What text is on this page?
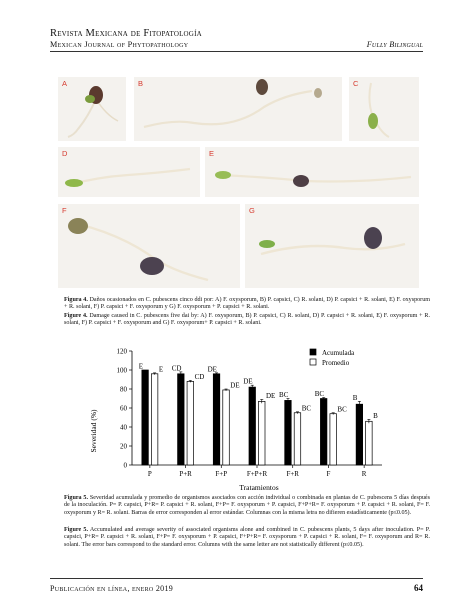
Revista Mexicana de Fitopatología
Mexican Journal of Phytopathology	Fully Bilingual
A	B	C
D	E
F	G
Figura 4. Daños ocasionados en C. pubescens cinco ddi por: A) F. oxysporum, B) P. capsici, C) R. solani, D) P. capsici + R. solani, E) F. oxysporum + R. solani, F) P. capsici + F. oxysporum y G) F. oxysporum + P. capsici + R. solani.
Figure 4. Damage caused in C. pubescens five dai by: A) F. oxysporum, B) P. capsici, C) R. solani, D) P. capsici + R. solani, E) F. oxysporum + R. solani, F) P. capsici + F. oxysporum and G) F. oxysporum+ P. capsici + R. solani.
0
20
40
60
80
100
120
E E CD
CD
DE
DE DE
DE BC
BC
BC
BC
B
B
P	P+R	F+P	F+P+R	F+R	F	R
Acumulada
Promedio
Severidad (%)
Tratamientos
Figura 5. Severidad acumulada y promedio de organismos asociados con acción individual o combinada en plantas de C. pubescens 5 días después de la inoculación. P= P. capsici, P+R= P. capsici + R. solani, F+P= F. oxysporum + P. capsici, F+P+R= F. oxysporum + P. capsici + R. solani, F= F. oxysporum y R= R. solani. Barras de error corresponden al error estándar. Columnas con la misma letra no difieren estadísticamente (p≤0.05).
Figure 5. Accumulated and average severity of associated organisms alone and combined in C. pubescens plants, 5 days after inoculation. P= P. capsici, P+R= P. capsici + R. solani, F+P= F. oxysporum + P. capsici, F+P+R= F. oxysporum + P. capsici + R. solani, F= F. oxysporum and R= R. solani. The error bars correspond to the standard error. Columns with the same letter are not statistically different (p≤0.05).
Publicación en línea, enero 2019	64
